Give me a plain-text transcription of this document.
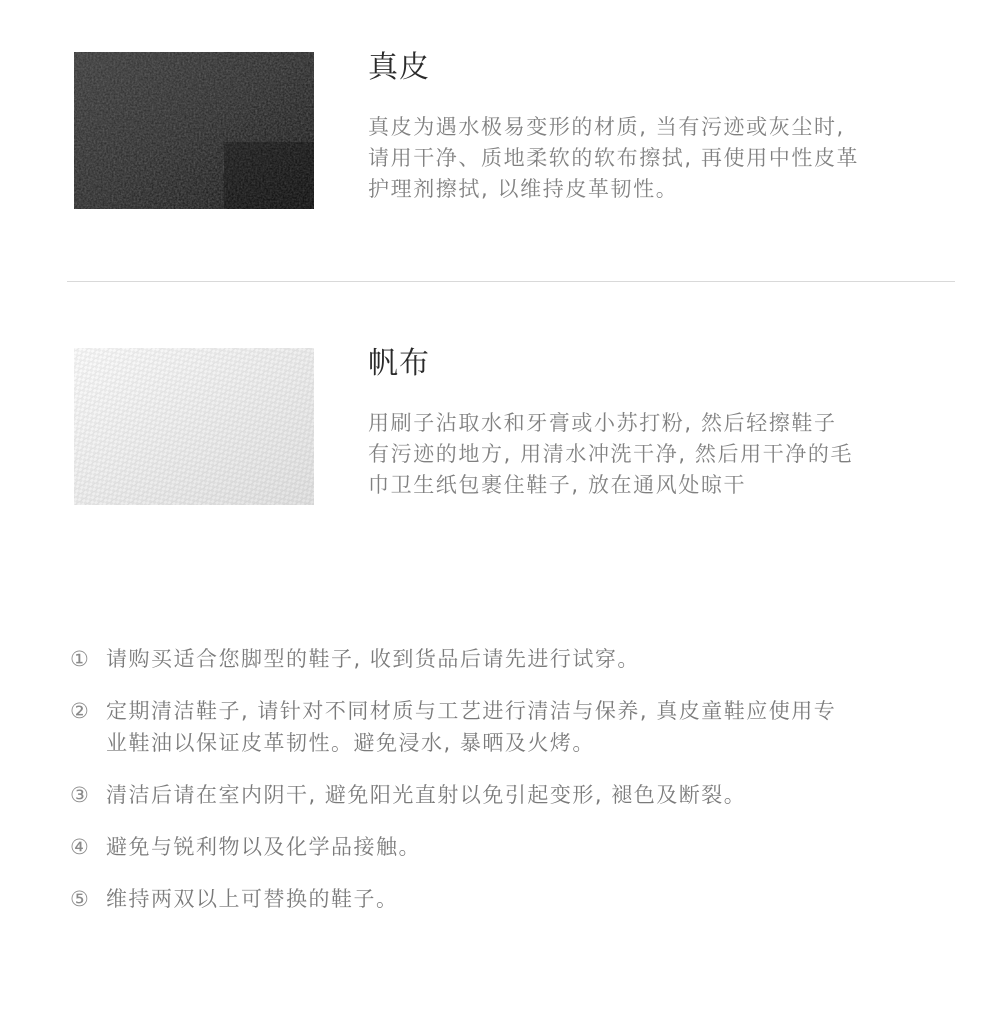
真皮

真皮为遇水极易变形的材质, 当有污迹或灰尘时,
请用干净、质地柔软的软布擦拭, 再使用中性皮革
护理剂擦拭, 以维持皮革韧性。

帆布

用刷子沾取水和牙膏或小苏打粉, 然后轻擦鞋子
有污迹的地方, 用清水冲洗干净, 然后用干净的毛
巾卫生纸包裹住鞋子, 放在通风处晾干

① 请购买适合您脚型的鞋子, 收到货品后请先进行试穿。
② 定期清洁鞋子, 请针对不同材质与工艺进行清洁与保养, 真皮童鞋应使用专
业鞋油以保证皮革韧性。避免浸水, 暴晒及火烤。
③ 清洁后请在室内阴干, 避免阳光直射以免引起变形, 褪色及断裂。
④ 避免与锐利物以及化学品接触。
⑤ 维持两双以上可替换的鞋子。
